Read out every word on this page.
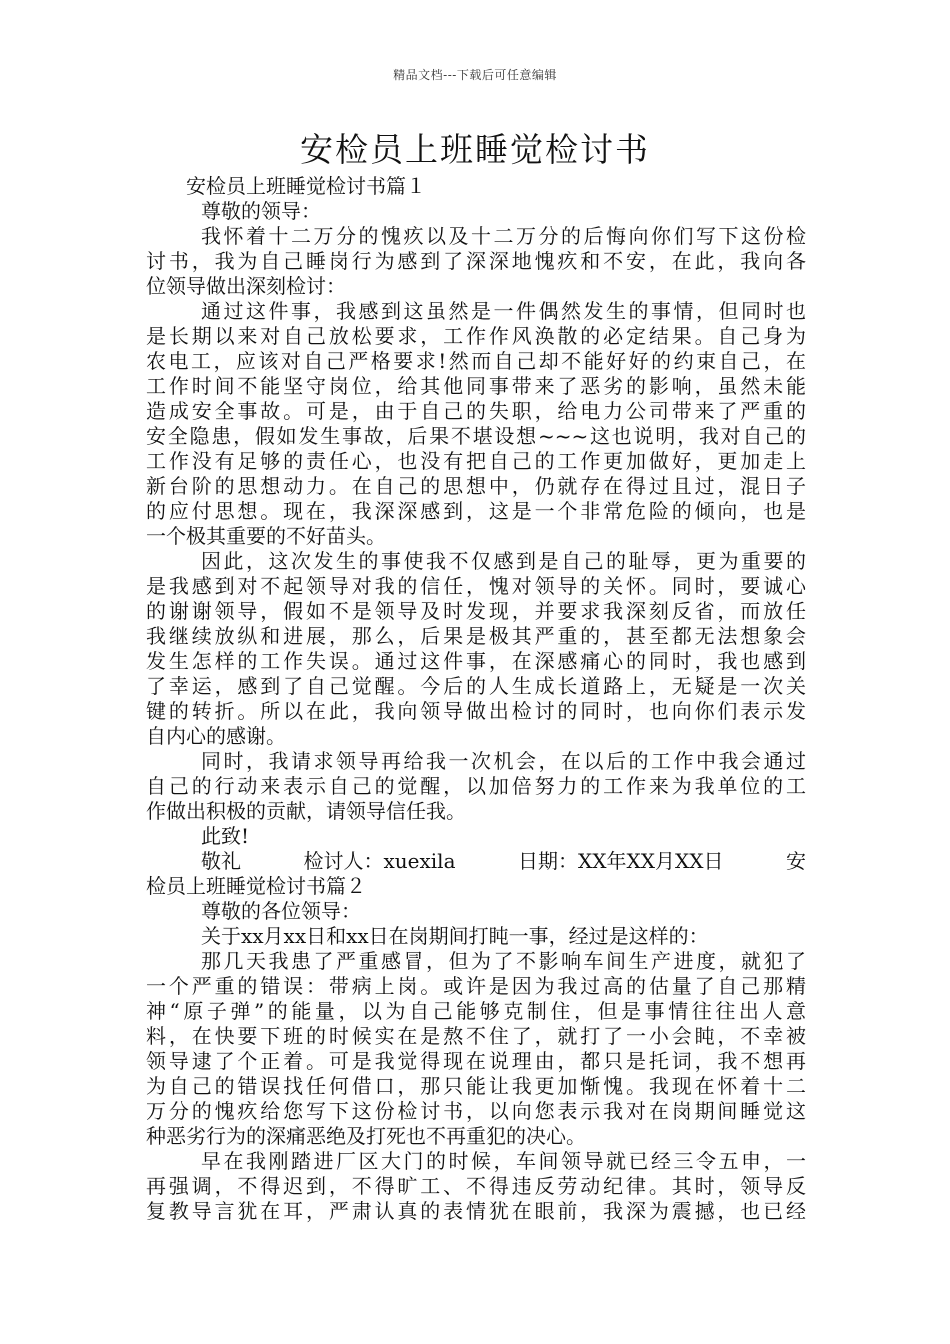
精品文档---下载后可任意编辑
安检员上班睡觉检讨书
安检员上班睡觉检讨书篇１
尊敬的领导：
我怀着十二万分的愧疚以及十二万分的后悔向你们写下这份检
讨书，我为自己睡岗行为感到了深深地愧疚和不安，在此，我向各
位领导做出深刻检讨：
通过这件事，我感到这虽然是一件偶然发生的事情，但同时也
是长期以来对自己放松要求，工作作风涣散的必定结果。自己身为
农电工，应该对自己严格要求!然而自己却不能好好的约束自己，在
工作时间不能坚守岗位，给其他同事带来了恶劣的影响，虽然未能
造成安全事故。可是，由于自己的失职，给电力公司带来了严重的
安全隐患，假如发生事故，后果不堪设想~~~这也说明，我对自己的
工作没有足够的责任心，也没有把自己的工作更加做好，更加走上
新台阶的思想动力。在自己的思想中，仍就存在得过且过，混日子
的应付思想。现在，我深深感到，这是一个非常危险的倾向，也是
一个极其重要的不好苗头。
因此，这次发生的事使我不仅感到是自己的耻辱，更为重要的
是我感到对不起领导对我的信任，愧对领导的关怀。同时，要诚心
的谢谢领导，假如不是领导及时发现，并要求我深刻反省，而放任
我继续放纵和进展，那么，后果是极其严重的，甚至都无法想象会
发生怎样的工作失误。通过这件事，在深感痛心的同时，我也感到
了幸运，感到了自己觉醒。今后的人生成长道路上，无疑是一次关
键的转折。所以在此，我向领导做出检讨的同时，也向你们表示发
自内心的感谢。
同时，我请求领导再给我一次机会，在以后的工作中我会通过
自己的行动来表示自己的觉醒，以加倍努力的工作来为我单位的工
作做出积极的贡献，请领导信任我。
此致!
敬礼	检讨人：xuexila	日期：XX年XX月XX日	安
检员上班睡觉检讨书篇２
尊敬的各位领导：
关于xx月xx日和xx日在岗期间打盹一事，经过是这样的：
那几天我患了严重感冒，但为了不影响车间生产进度，就犯了
一个严重的错误：带病上岗。或许是因为我过高的估量了自己那精
神“原子弹”的能量，以为自己能够克制住，但是事情往往出人意
料，在快要下班的时候实在是熬不住了，就打了一小会盹，不幸被
领导逮了个正着。可是我觉得现在说理由，都只是托词，我不想再
为自己的错误找任何借口，那只能让我更加惭愧。我现在怀着十二
万分的愧疚给您写下这份检讨书，以向您表示我对在岗期间睡觉这
种恶劣行为的深痛恶绝及打死也不再重犯的决心。
早在我刚踏进厂区大门的时候，车间领导就已经三令五申，一
再强调，不得迟到，不得旷工、不得违反劳动纪律。其时，领导反
复教导言犹在耳，严肃认真的表情犹在眼前，我深为震撼，也已经
